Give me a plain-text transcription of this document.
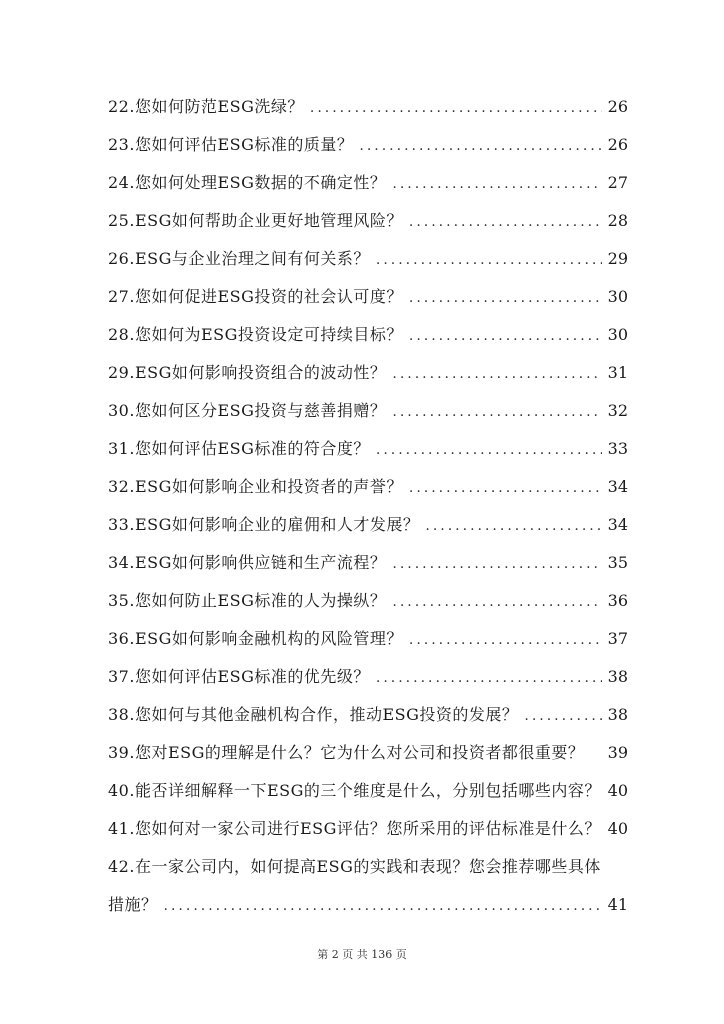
22.您如何防范ESG洗绿？ .....	26
23.您如何评估ESG标准的质量？ .....	26
24.您如何处理ESG数据的不确定性？ .....	27
25.ESG如何帮助企业更好地管理风险？ .....	28
26.ESG与企业治理之间有何关系？ .....	29
27.您如何促进ESG投资的社会认可度？ .....	30
28.您如何为ESG投资设定可持续目标？ .....	30
29.ESG如何影响投资组合的波动性？ .....	31
30.您如何区分ESG投资与慈善捐赠？ .....	32
31.您如何评估ESG标准的符合度？ .....	33
32.ESG如何影响企业和投资者的声誉？ .....	34
33.ESG如何影响企业的雇佣和人才发展？ .....	34
34.ESG如何影响供应链和生产流程？ .....	35
35.您如何防止ESG标准的人为操纵？ .....	36
36.ESG如何影响金融机构的风险管理？ .....	37
37.您如何评估ESG标准的优先级？ .....	38
38.您如何与其他金融机构合作，推动ESG投资的发展？ .....	38
39.您对ESG的理解是什么？它为什么对公司和投资者都很重要？	39
40.能否详细解释一下ESG的三个维度是什么，分别包括哪些内容？ 40
41.您如何对一家公司进行ESG评估？您所采用的评估标准是什么？ 40
42.在一家公司内，如何提高ESG的实践和表现？您会推荐哪些具体
措施？ .....	41
第 2 页 共 136 页
